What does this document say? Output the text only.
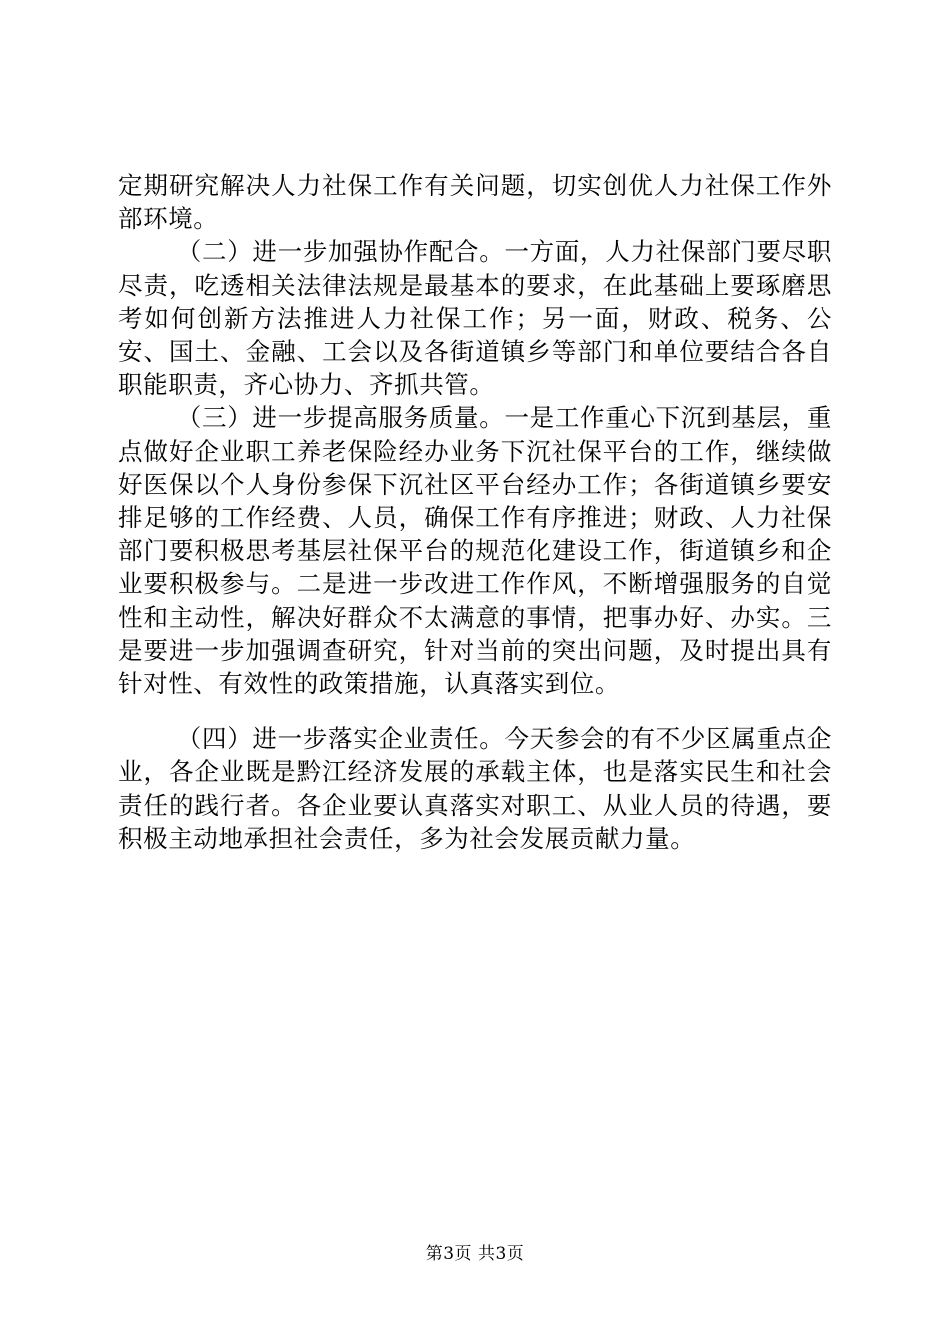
定期研究解决人力社保工作有关问题，切实创优人力社保工作外部环境。

（二）进一步加强协作配合。一方面，人力社保部门要尽职尽责，吃透相关法律法规是最基本的要求，在此基础上要琢磨思考如何创新方法推进人力社保工作；另一面，财政、税务、公安、国土、金融、工会以及各街道镇乡等部门和单位要结合各自职能职责，齐心协力、齐抓共管。

（三）进一步提高服务质量。一是工作重心下沉到基层，重点做好企业职工养老保险经办业务下沉社保平台的工作，继续做好医保以个人身份参保下沉社区平台经办工作；各街道镇乡要安排足够的工作经费、人员，确保工作有序推进；财政、人力社保部门要积极思考基层社保平台的规范化建设工作，街道镇乡和企业要积极参与。二是进一步改进工作作风，不断增强服务的自觉性和主动性，解决好群众不太满意的事情，把事办好、办实。三是要进一步加强调查研究，针对当前的突出问题，及时提出具有针对性、有效性的政策措施，认真落实到位。

（四）进一步落实企业责任。今天参会的有不少区属重点企业，各企业既是黔江经济发展的承载主体，也是落实民生和社会责任的践行者。各企业要认真落实对职工、从业人员的待遇，要积极主动地承担社会责任，多为社会发展贡献力量。

第3页 共3页
